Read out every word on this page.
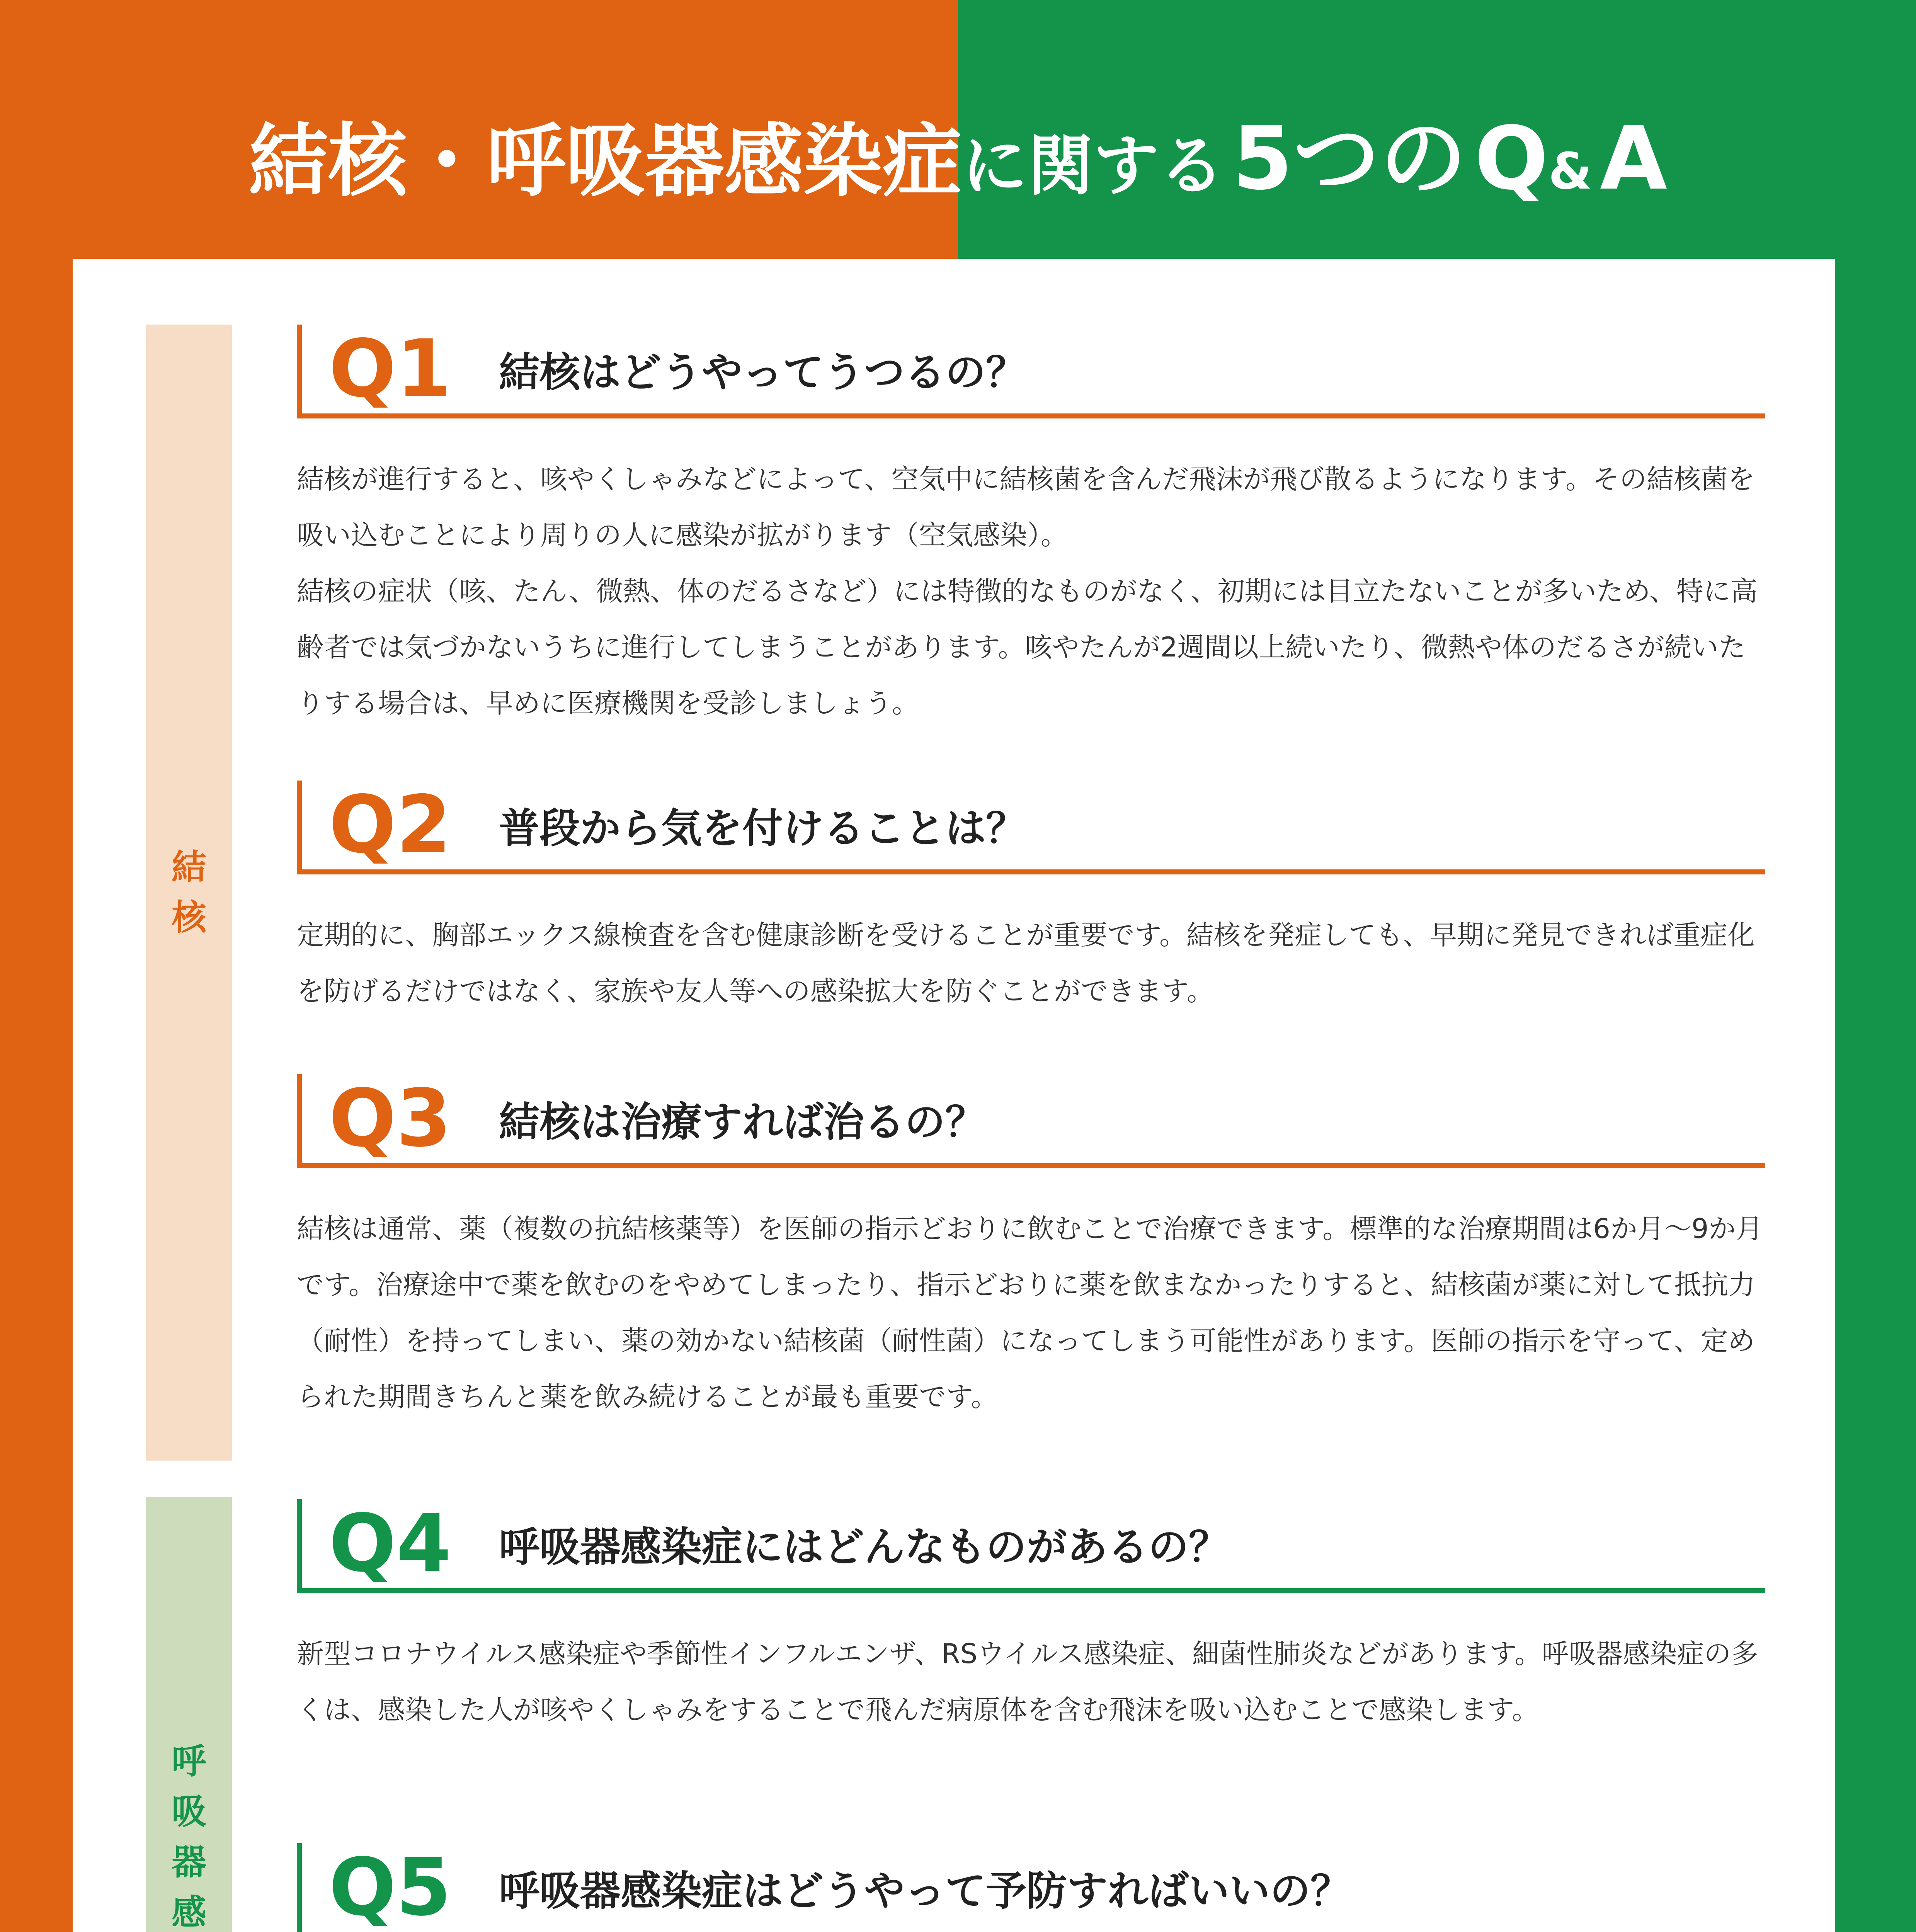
結核・呼吸器感染症に関する5つのQ&A
結
核
呼
吸
器
感
Q1	結核はどうやってうつるの？

結核が進行すると、咳やくしゃみなどによって、空気中に結核菌を含んだ飛沫が飛び散るようになります。その結核菌を吸い込むことにより周りの人に感染が拡がります（空気感染）。

結核の症状（咳、たん、微熱、体のだるさなど）には特徴的なものがなく、初期には目立たないことが多いため、特に高齢者では気づかないうちに進行してしまうことがあります。咳やたんが2週間以上続いたり、微熱や体のだるさが続いたりする場合は、早めに医療機関を受診しましょう。

Q2	普段から気を付けることは？

定期的に、胸部エックス線検査を含む健康診断を受けることが重要です。結核を発症しても、早期に発見できれば重症化を防げるだけではなく、家族や友人等への感染拡大を防ぐことができます。

Q3	結核は治療すれば治るの？

結核は通常、薬（複数の抗結核薬等）を医師の指示どおりに飲むことで治療できます。標準的な治療期間は6か月〜9か月です。治療途中で薬を飲むのをやめてしまったり、指示どおりに薬を飲まなかったりすると、結核菌が薬に対して抵抗力（耐性）を持ってしまい、薬の効かない結核菌（耐性菌）になってしまう可能性があります。医師の指示を守って、定められた期間きちんと薬を飲み続けることが最も重要です。

Q4	呼吸器感染症にはどんなものがあるの？

新型コロナウイルス感染症や季節性インフルエンザ、RSウイルス感染症、細菌性肺炎などがあります。呼吸器感染症の多くは、感染した人が咳やくしゃみをすることで飛んだ病原体を含む飛沫を吸い込むことで感染します。

Q5	呼吸器感染症はどうやって予防すればいいの？
